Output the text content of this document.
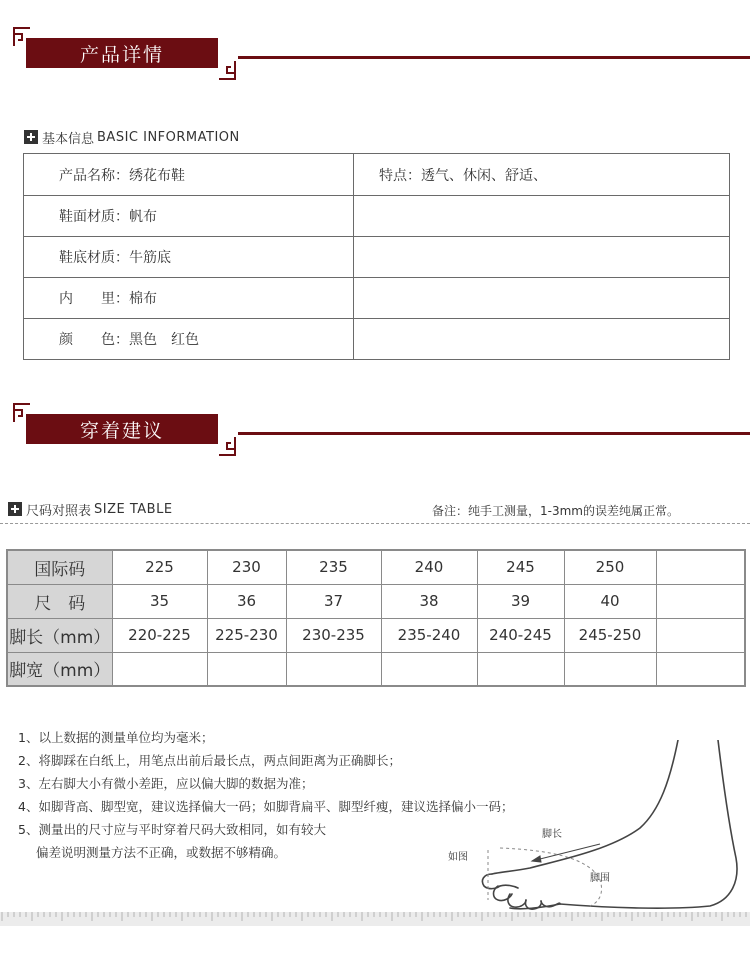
产品详情
基本信息 BASIC INFORMATION
产品名称：绣花布鞋	特点：透气、休闲、舒适、
鞋面材质：帆布
鞋底材质：牛筋底
内　　里：棉布
颜　　色：黑色　红色
穿着建议
尺码对照表 SIZE TABLE	备注：纯手工测量，1-3mm的误差纯属正常。
国际码	225	230	235	240	245	250	
尺　码	35	36	37	38	39	40	
脚长（mm）	220-225	225-230	230-235	235-240	240-245	245-250	
脚宽（mm）							
脚长
如图
脚围
1、以上数据的测量单位均为毫米；
2、将脚踩在白纸上，用笔点出前后最长点，两点间距离为正确脚长；
3、左右脚大小有微小差距，应以偏大脚的数据为准；
4、如脚背高、脚型宽，建议选择偏大一码；如脚背扁平、脚型纤瘦，建议选择偏小一码；
5、测量出的尺寸应与平时穿着尺码大致相同，如有较大
偏差说明测量方法不正确，或数据不够精确。
